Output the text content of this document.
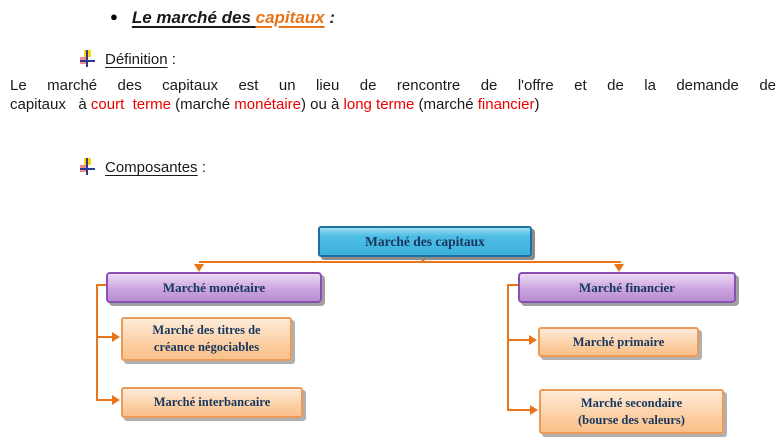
● Le marché des capitaux :
Définition :
Le marché des capitaux est un lieu de rencontre de l'offre et de la demande de
capitaux   à court  terme (marché monétaire) ou à long terme (marché financier)
Composantes :
Marché des capitaux
Marché monétaire	Marché financier
Marché des titres de
créance négociables
Marché interbancaire
Marché primaire
Marché secondaire
(bourse des valeurs)
